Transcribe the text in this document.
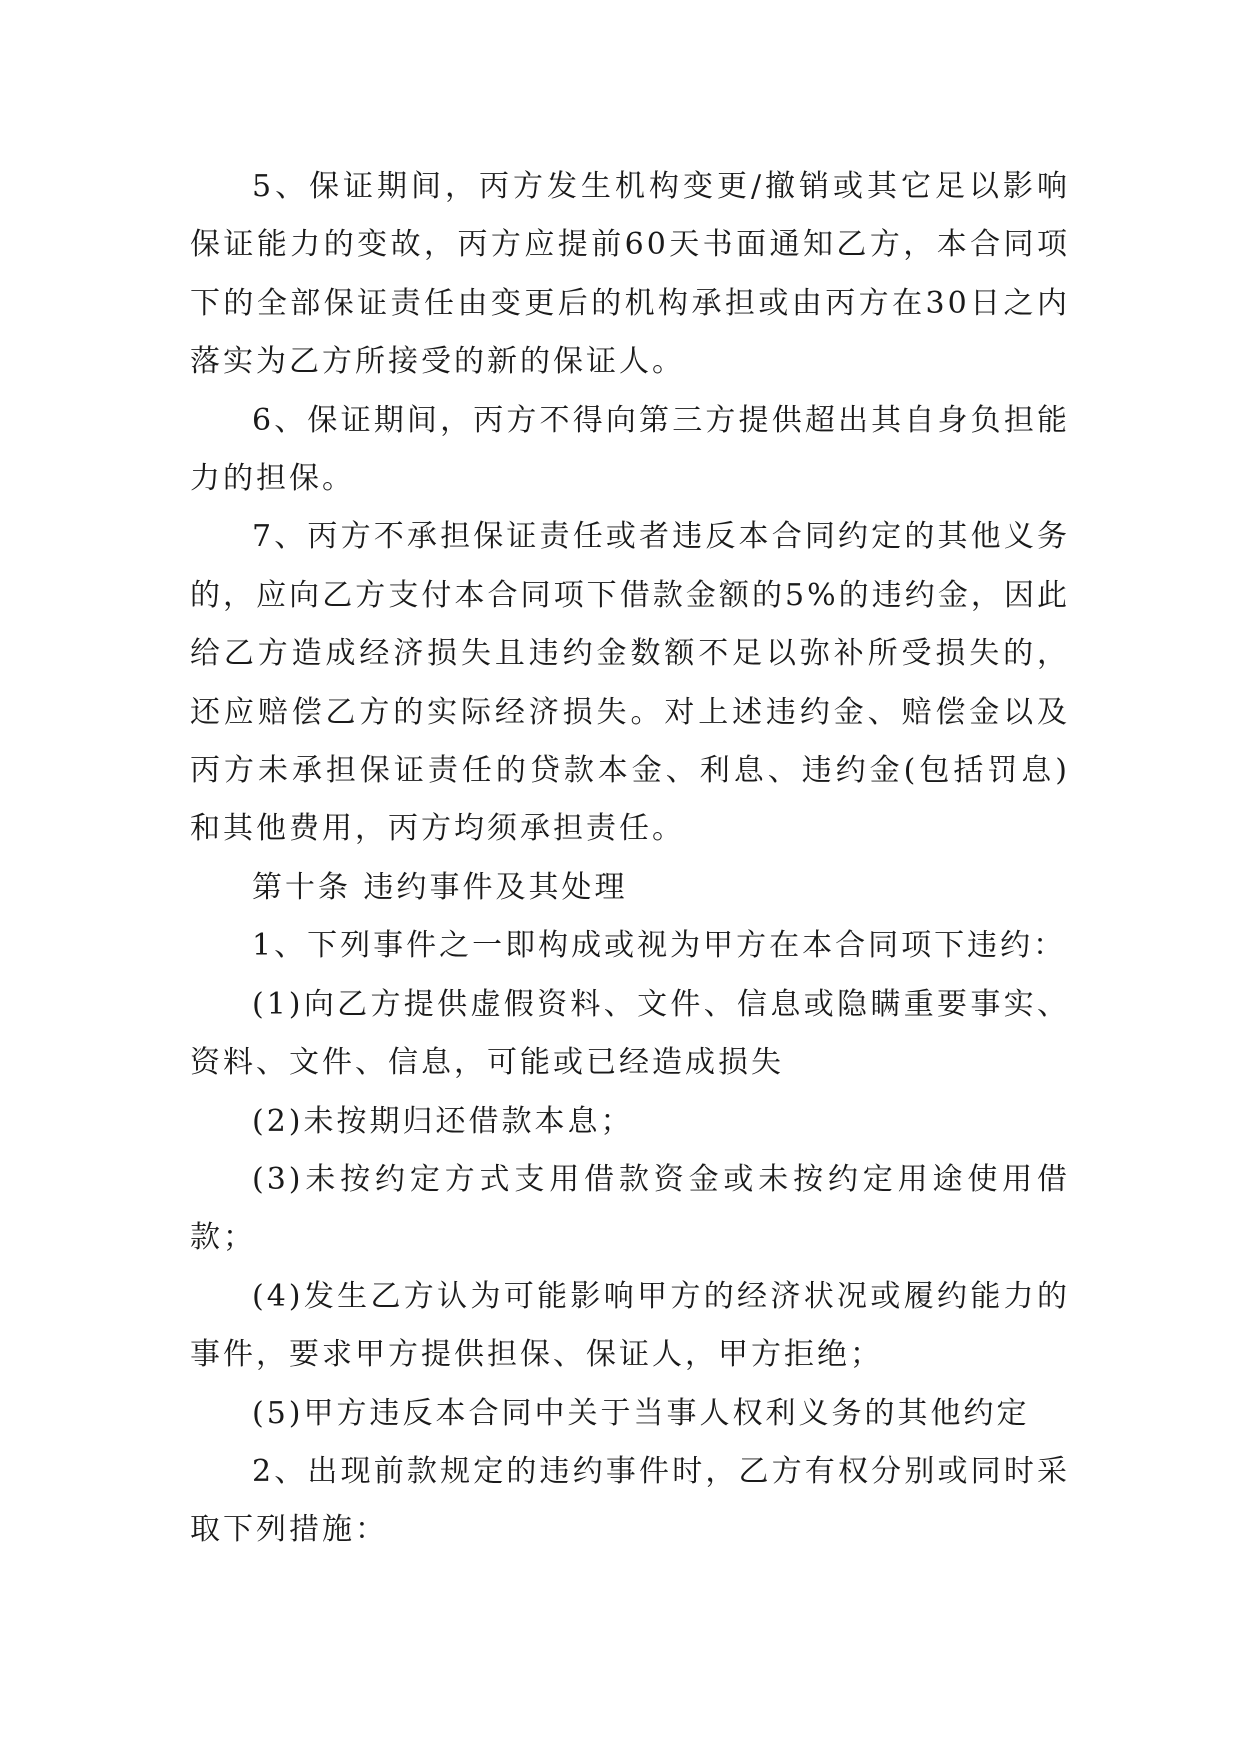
5、保证期间，丙方发生机构变更/撤销或其它足以影响保证能力的变故，丙方应提前60天书面通知乙方，本合同项下的全部保证责任由变更后的机构承担或由丙方在30日之内落实为乙方所接受的新的保证人。

6、保证期间，丙方不得向第三方提供超出其自身负担能力的担保。

7、丙方不承担保证责任或者违反本合同约定的其他义务的，应向乙方支付本合同项下借款金额的5%的违约金，因此给乙方造成经济损失且违约金数额不足以弥补所受损失的，还应赔偿乙方的实际经济损失。对上述违约金、赔偿金以及丙方未承担保证责任的贷款本金、利息、违约金(包括罚息)和其他费用，丙方均须承担责任。

第十条 违约事件及其处理

1、下列事件之一即构成或视为甲方在本合同项下违约：

(1)向乙方提供虚假资料、文件、信息或隐瞒重要事实、资料、文件、信息，可能或已经造成损失

(2)未按期归还借款本息；

(3)未按约定方式支用借款资金或未按约定用途使用借款；

(4)发生乙方认为可能影响甲方的经济状况或履约能力的事件，要求甲方提供担保、保证人，甲方拒绝；

(5)甲方违反本合同中关于当事人权利义务的其他约定

2、出现前款规定的违约事件时，乙方有权分别或同时采取下列措施：
